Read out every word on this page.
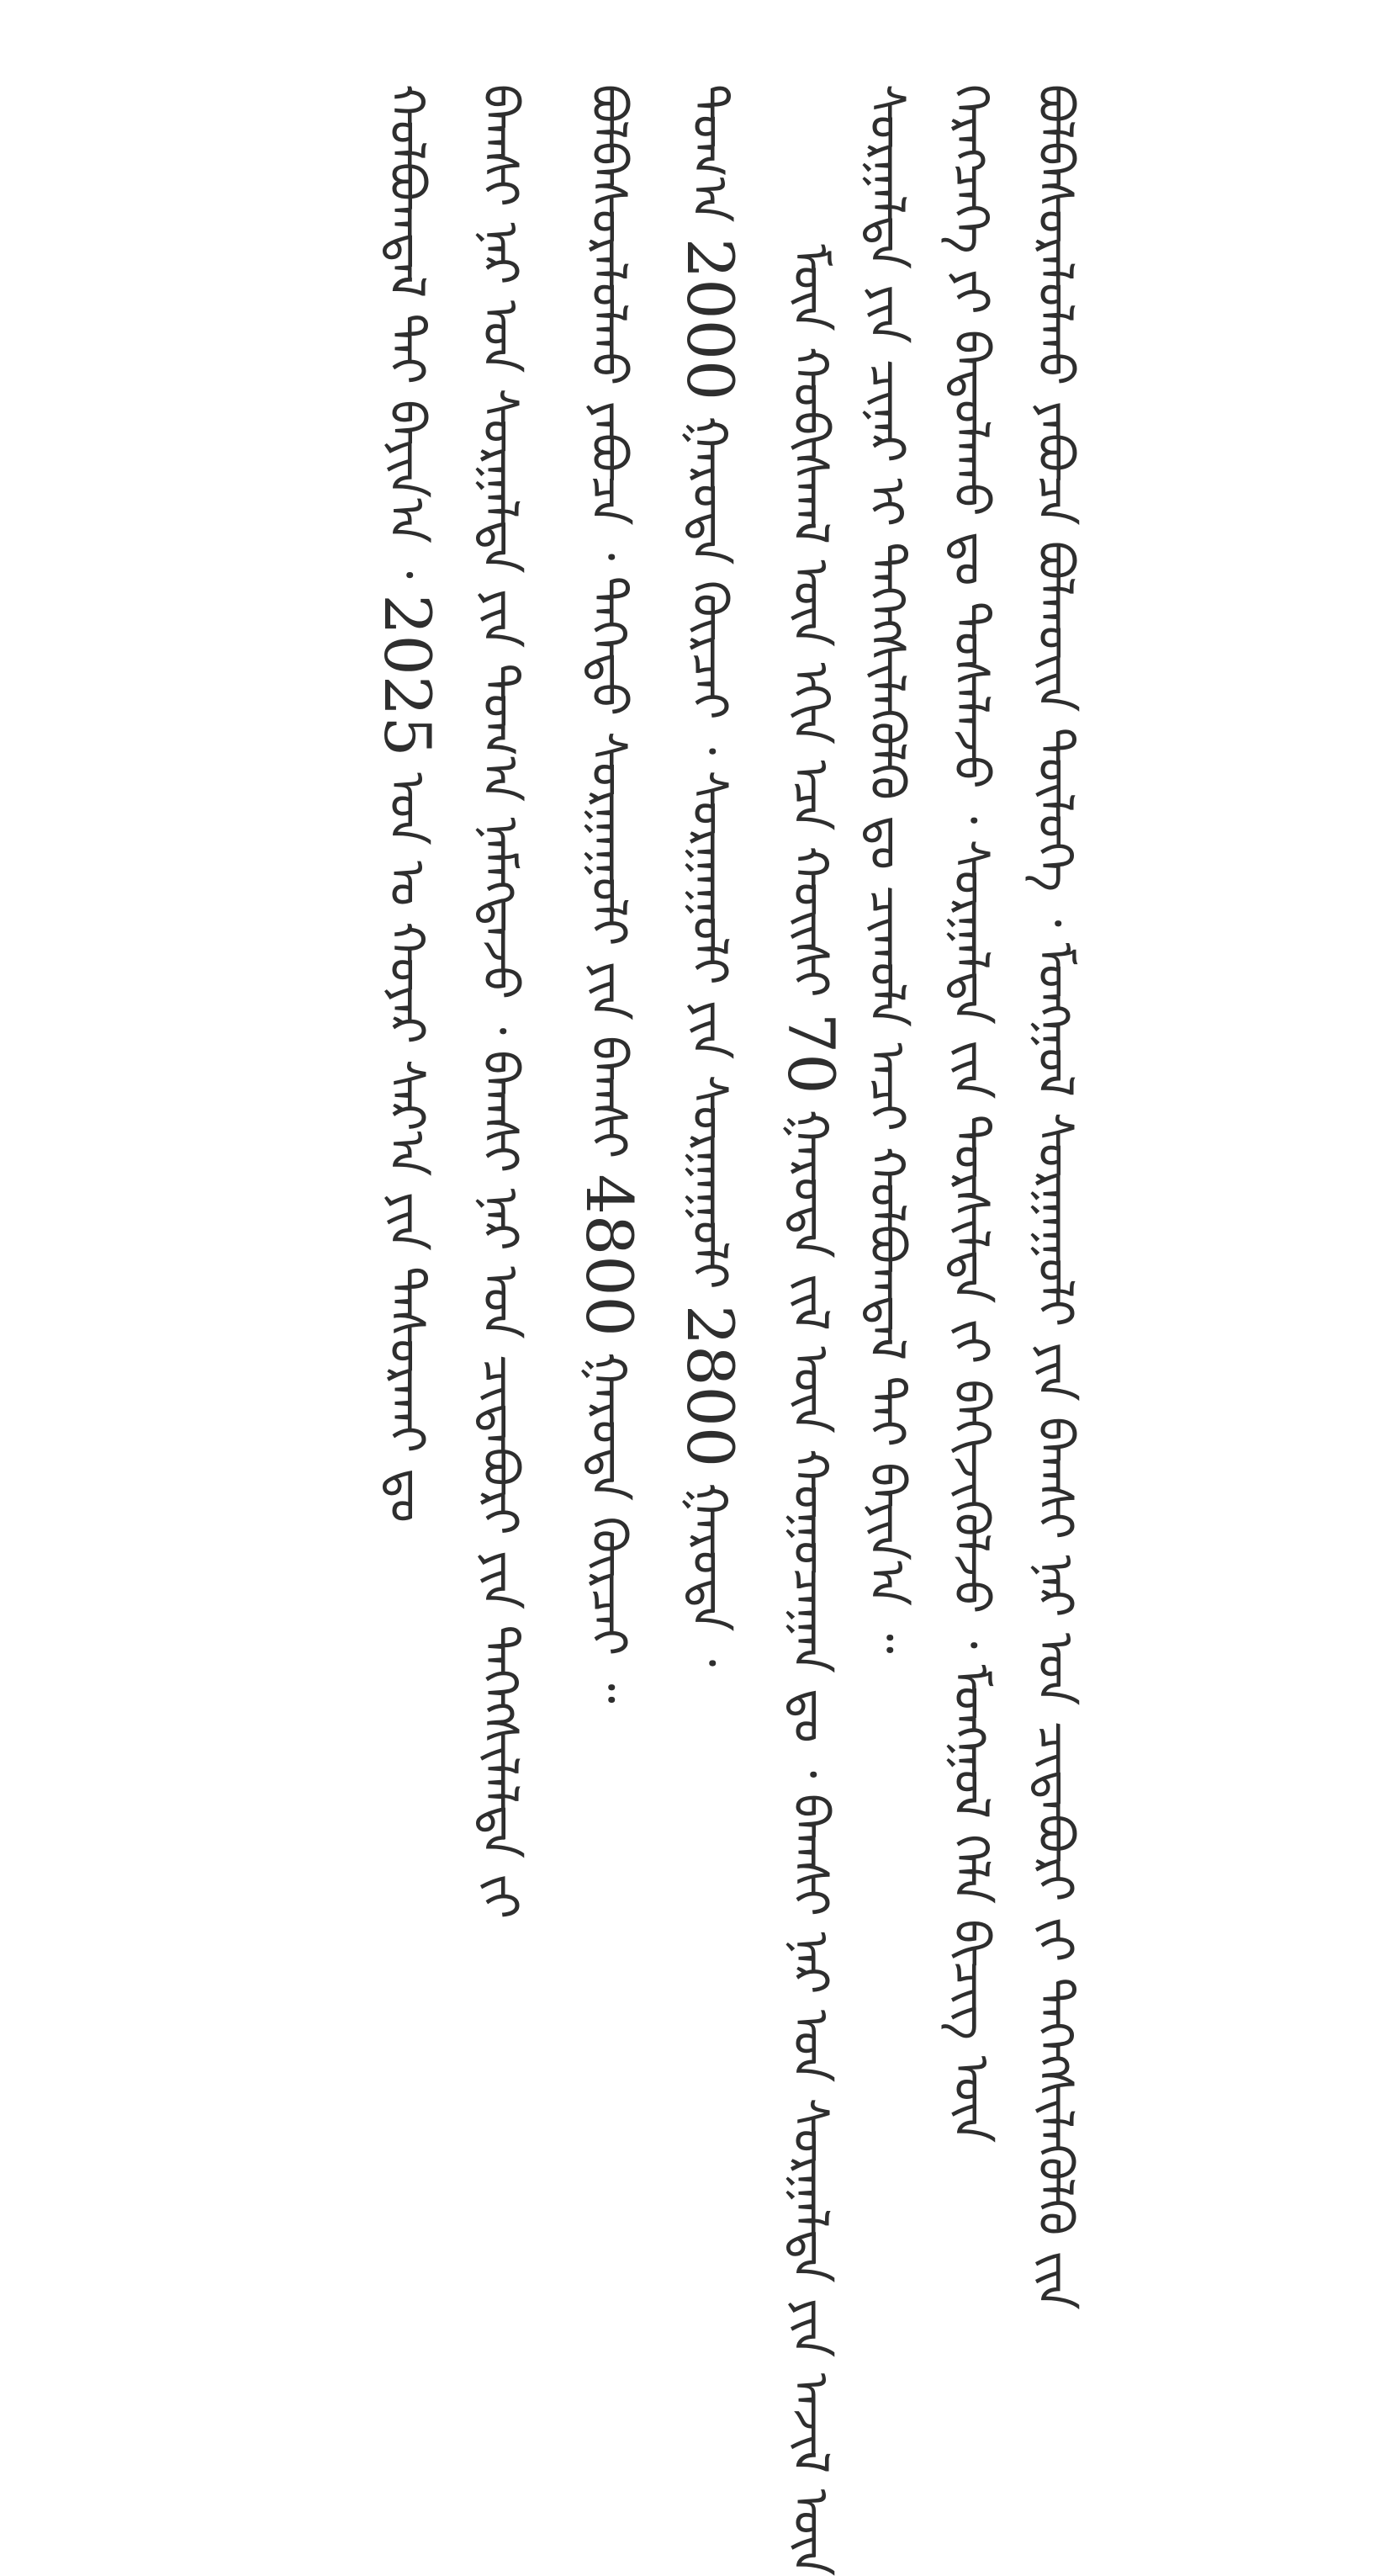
ᠪᠣᠯᠪᠠᠰᠤᠷᠠᠯᠤᠯᠬᠤ ᠶᠠᠪᠤᠴᠠ ᠪᠣᠯᠬᠤᠶ᠋ᠢᠨ ᠲᠥᠯᠥᠭᠡ ᠂ ᠮᠣᠩᠭᠤᠯ ᠰᠤᠷᠭᠠᠭᠤᠯᠢ ᠶᠢᠨ ᠪᠠᠭᠰᠢ ᠨᠠᠷ ᠤᠨ ᠴᠢᠳᠠᠪᠤᠷᠢ ᠶ᠋ᠢ ᠳᠡᠭᠡᠭᠰᠢᠯᠡᠭᠦᠯᠬᠦ ᠶ᠋ᠢᠨ
ᠬᠡᠷᠡᠭᠴᠡᠭᠡ ᠶᠢ ᠪᠠᠲᠤᠯᠠᠬᠤ ᠳᠤ ᠲᠤᠰᠠᠯᠠᠵᠤ ᠂ ᠰᠤᠷᠭᠠᠯᠲᠠ ᠶ᠋ᠢᠨ ᠲᠤᠷᠰᠢᠯᠲᠠ ᠶ᠋ᠢ ᠪᠡᠬᠢᠵᠢᠭᠦᠯᠵᠦ ᠂ ᠮᠣᠩᠭᠤᠯ ᠬᠡᠯᠡ ᠪᠢᠴᠢᠭ ᠦᠨ
ᠰᠤᠷᠭᠠᠯᠲᠠ ᠶᠢᠨ ᠴᠢᠨᠠᠷ ᠢ ᠳᠡᠭᠡᠭᠰᠢᠯᠡᠭᠦᠯᠬᠦ ᠳᠤ ᠴᠢᠬᠤᠯᠠ ᠠᠴᠢ ᠬᠣᠯᠪᠣᠭᠳᠠᠯ ᠲᠠᠢ ᠪᠠᠶᠢᠨ᠎ᠠ ᠃
ᠮᠥᠨ ᠬᠤᠪᠢᠰᠬᠠᠯ ᠦᠨ ᠡᠬᠢᠨ ᠡᠴᠡ ᠬᠣᠢᠰᠢ 70 ᠭᠠᠷᠤᠳᠠ ᠵᠢᠯ ᠦᠨ ᠬᠤᠭᠤᠴᠠᠭᠠᠨ ᠳᠤ ᠂ ᠪᠠᠭᠰᠢ ᠨᠠᠷ ᠤᠨ ᠰᠤᠷᠭᠠᠯᠲᠠ ᠶᠢᠨ ᠠᠵᠢᠯ ᠦᠨ
ᠲᠣᠭ᠎ᠠ 2000 ᠭᠠᠷᠤᠳᠠ ᠬᠦᠷᠴᠡᠢ ᠂ ᠰᠤᠷᠭᠠᠭᠤᠯᠢ ᠶᠢᠨ ᠰᠤᠷᠭᠠᠭᠤᠯᠢ 2800 ᠭᠠᠷᠤᠳᠠ ᠂
ᠪᠣᠯᠪᠠᠰᠤᠷᠠᠯᠤᠯᠬᠤ ᠶᠠᠪᠤᠴᠠ ᠂ ᠳᠡᠭᠡᠳᠦ ᠰᠤᠷᠭᠠᠭᠤᠯᠢ ᠶᠢᠨ ᠪᠠᠭᠰᠢ 4800 ᠭᠠᠷᠤᠳᠠ ᠬᠦᠷᠴᠡᠢ ᠃
ᠪᠠᠭᠰᠢ ᠨᠠᠷ ᠤᠨ ᠰᠤᠷᠭᠠᠯᠲᠠ ᠶᠢᠨ ᠲᠣᠭ᠎ᠠ ᠨᠡᠮᠡᠭᠳᠡᠵᠦ ᠂ ᠪᠠᠭᠰᠢ ᠨᠠᠷ ᠤᠨ ᠴᠢᠳᠠᠪᠤᠷᠢ ᠶᠢᠨ ᠳᠡᠭᠡᠭᠰᠢᠯᠡᠯᠲᠡ ᠶ᠋ᠢ
ᠬᠣᠯᠪᠣᠭᠳᠠᠯ ᠲᠠᠢ ᠪᠠᠶᠢᠨ᠎ᠠ ᠂ 2025 ᠣᠨ ᠤ ᠬᠣᠶᠠᠷ ᠰᠠᠷ᠎ᠠ ᠶᠢᠨ ᠲᠠᠰᠤᠷᠬᠠᠢ ᠳᠤ
